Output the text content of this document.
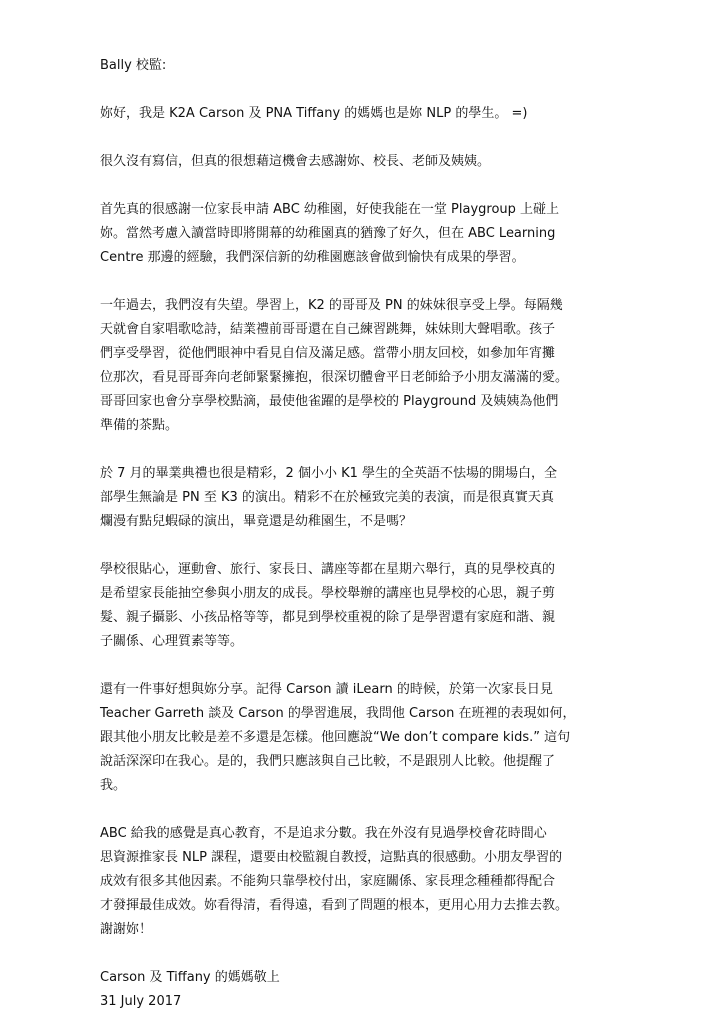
Bally 校監:

妳好，我是 K2A Carson 及 PNA Tiffany 的媽媽也是妳 NLP 的學生。 =)

很久沒有寫信，但真的很想藉這機會去感謝妳、校長、老師及姨姨。

首先真的很感謝一位家長申請 ABC 幼稚園，好使我能在一堂 Playgroup 上碰上
妳。當然考慮入讀當時即將開幕的幼稚園真的猶豫了好久，但在 ABC Learning
Centre 那邊的經驗，我們深信新的幼稚園應該會做到愉快有成果的學習。

一年過去，我們沒有失望。學習上，K2 的哥哥及 PN 的妹妹很享受上學。每隔幾
天就會自家唱歌唸詩，結業禮前哥哥還在自己練習跳舞，妹妹則大聲唱歌。孩子
們享受學習，從他們眼神中看見自信及滿足感。當帶小朋友回校，如參加年宵攤
位那次，看見哥哥奔向老師緊緊擁抱，很深切體會平日老師給予小朋友滿滿的愛。
哥哥回家也會分享學校點滴，最使他雀躍的是學校的 Playground 及姨姨為他們
準備的茶點。

於 7 月的畢業典禮也很是精彩，2 個小小 K1 學生的全英語不怯場的開場白，全
部學生無論是 PN 至 K3 的演出。精彩不在於極致完美的表演，而是很真實天真
爛漫有點兒蝦碌的演出，畢竟還是幼稚園生，不是嗎？

學校很貼心，運動會、旅行、家長日、講座等都在星期六舉行，真的見學校真的
是希望家長能抽空參與小朋友的成長。學校舉辦的講座也見學校的心思，親子剪
髮、親子攝影、小孩品格等等，都見到學校重視的除了是學習還有家庭和諧、親
子關係、心理質素等等。

還有一件事好想與妳分享。記得 Carson 讀 iLearn 的時候，於第一次家長日見
Teacher Garreth 談及 Carson 的學習進展，我問他 Carson 在班裡的表現如何，
跟其他小朋友比較是差不多還是怎樣。他回應說“We don’t compare kids.” 這句
說話深深印在我心。是的，我們只應該與自己比較，不是跟別人比較。他提醒了
我。

ABC 給我的感覺是真心教育，不是追求分數。我在外沒有見過學校會花時間心
思資源推家長 NLP 課程，還要由校監親自教授，這點真的很感動。小朋友學習的
成效有很多其他因素。不能夠只靠學校付出，家庭關係、家長理念種種都得配合
才發揮最佳成效。妳看得清，看得遠，看到了問題的根本，更用心用力去推去教。
謝謝妳！

Carson 及 Tiffany 的媽媽敬上

31 July 2017
